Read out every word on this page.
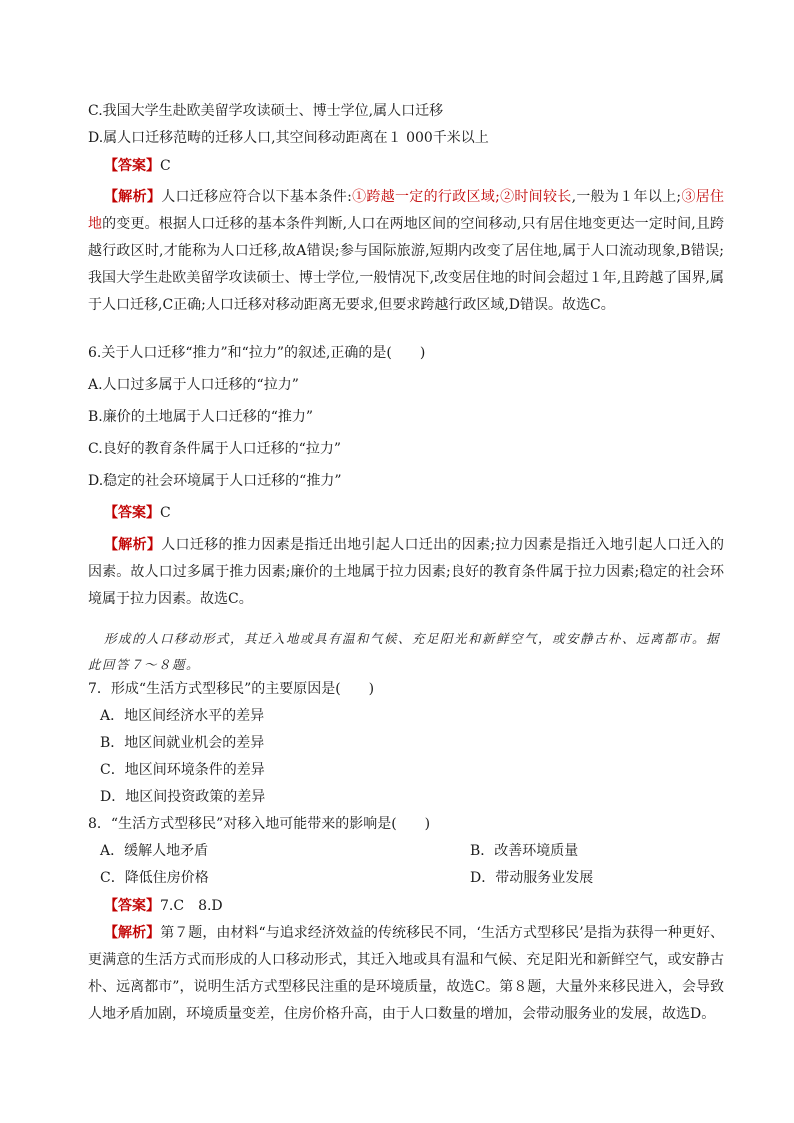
C.我国大学生赴欧美留学攻读硕士、博士学位,属人口迁移
D.属人口迁移范畴的迁移人口,其空间移动距离在１ 000千米以上
【答案】C
【解析】人口迁移应符合以下基本条件:①跨越一定的行政区域;②时间较长,一般为１年以上;③居住地的变更。根据人口迁移的基本条件判断,人口在两地区间的空间移动,只有居住地变更达一定时间,且跨越行政区时,才能称为人口迁移,故A错误;参与国际旅游,短期内改变了居住地,属于人口流动现象,B错误;我国大学生赴欧美留学攻读硕士、博士学位,一般情况下,改变居住地的时间会超过１年,且跨越了国界,属于人口迁移,C正确;人口迁移对移动距离无要求,但要求跨越行政区域,D错误。故选C。
6.关于人口迁移“推力”和“拉力”的叙述,正确的是(　　)
A.人口过多属于人口迁移的“拉力”
B.廉价的土地属于人口迁移的“推力”
C.良好的教育条件属于人口迁移的“拉力”
D.稳定的社会环境属于人口迁移的“推力”
【答案】C
【解析】人口迁移的推力因素是指迁出地引起人口迁出的因素;拉力因素是指迁入地引起人口迁入的因素。故人口过多属于推力因素;廉价的土地属于拉力因素;良好的教育条件属于拉力因素;稳定的社会环境属于拉力因素。故选C。
形成的人口移动形式，其迁入地或具有温和气候、充足阳光和新鲜空气，或安静古朴、远离都市。据
此回答７～８题。
7．形成“生活方式型移民”的主要原因是(　　)
A．地区间经济水平的差异
B．地区间就业机会的差异
C．地区间环境条件的差异
D．地区间投资政策的差异
8．“生活方式型移民”对移入地可能带来的影响是(　　)
A．缓解人地矛盾	B．改善环境质量
C．降低住房价格	D．带动服务业发展
【答案】7.C　8.D
【解析】第７题，由材料“与追求经济效益的传统移民不同，‘生活方式型移民’是指为获得一种更好、更满意的生活方式而形成的人口移动形式，其迁入地或具有温和气候、充足阳光和新鲜空气，或安静古朴、远离都市”，说明生活方式型移民注重的是环境质量，故选C。第８题，大量外来移民进入，会导致人地矛盾加剧，环境质量变差，住房价格升高，由于人口数量的增加，会带动服务业的发展，故选D。
